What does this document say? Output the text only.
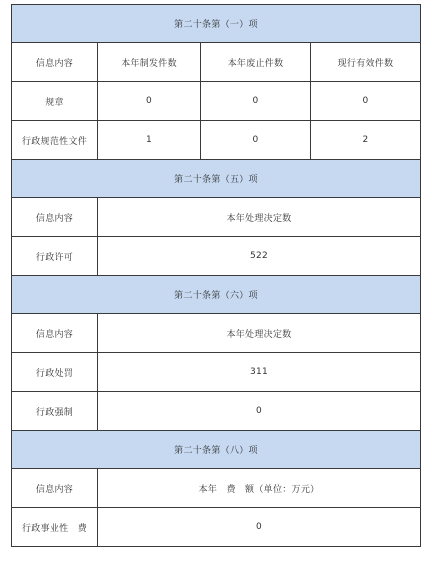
第二十条第（一）项			
信息内容	本年制发件数	本年废止件数	现行有效件数
规章	0	0	0
行政规范性文件	1	0	2
第二十条第（五）项			
信息内容	本年处理决定数		
行政许可	522		
第二十条第（六）项			
信息内容	本年处理决定数		
行政处罚	311		
行政强制	0		
第二十条第（八）项			
信息内容	本年　费　额（单位：万元）		
行政事业性　费	0		
